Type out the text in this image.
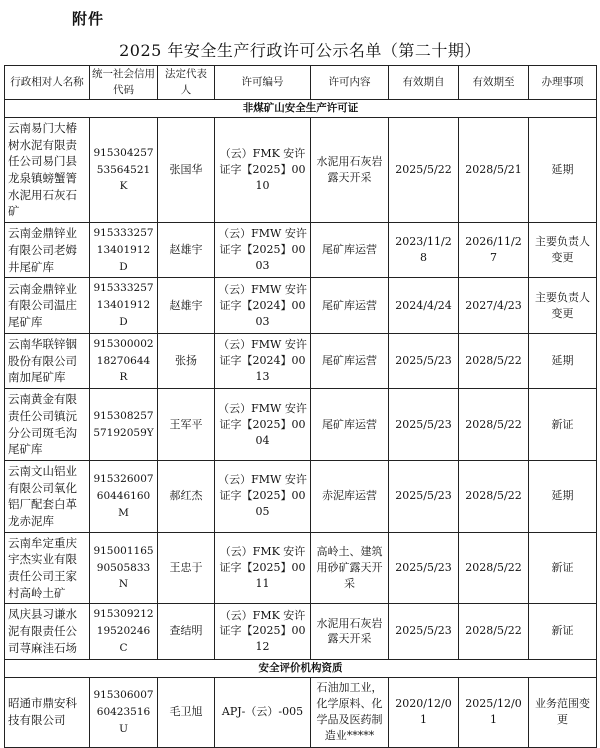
附件
2025 年安全生产行政许可公示名单（第二十期）
行政相对人名称	统一社会信用代码	法定代表人	许可编号	许可内容	有效期自	有效期至	办理事项
非煤矿山安全生产许可证							
云南易门大椿树水泥有限责任公司易门县龙泉镇螃蟹箐水泥用石灰石矿	91530425753564521K	张国华	（云）FMK 安许证字【2025】0010	水泥用石灰岩露天开采	2025/5/22	2028/5/21	延期
云南金鼎锌业有限公司老姆井尾矿库	91533325713401912D	赵雄宇	（云）FMW 安许证字【2025】0003	尾矿库运营	2023/11/28	2026/11/27	主要负责人变更
云南金鼎锌业有限公司温庄尾矿库	91533325713401912D	赵雄宇	（云）FMW 安许证字【2024】0003	尾矿库运营	2024/4/24	2027/4/23	主要负责人变更
云南华联锌铟股份有限公司南加尾矿库	91530000218270644R	张扬	（云）FMW 安许证字【2024】0013	尾矿库运营	2025/5/23	2028/5/22	延期
云南黄金有限责任公司镇沅分公司斑毛沟尾矿库	91530825757192059Y	王军平	（云）FMW 安许证字【2025】0004	尾矿库运营	2025/5/23	2028/5/22	新证
云南文山铝业有限公司氧化铝厂配套白革龙赤泥库	91532600760446160M	郝红杰	（云）FMW 安许证字【2025】0005	赤泥库运营	2025/5/23	2028/5/22	延期
云南牟定重庆宇杰实业有限责任公司王家村高岭土矿	91500116590505833N	王忠于	（云）FMK 安许证字【2025】0011	高岭土、建筑用砂矿露天开采	2025/5/23	2028/5/22	新证
凤庆县习谦水泥有限责任公司荨麻洼石场	91530921219520246C	查结明	（云）FMK 安许证字【2025】0012	水泥用石灰岩露天开采	2025/5/23	2028/5/22	新证
安全评价机构资质							
昭通市鼎安科技有限公司	91530600760423516U	毛卫旭	APJ-（云）-005	石油加工业，化学原料、化学品及医药制造业*****	2020/12/01	2025/12/01	业务范围变更
